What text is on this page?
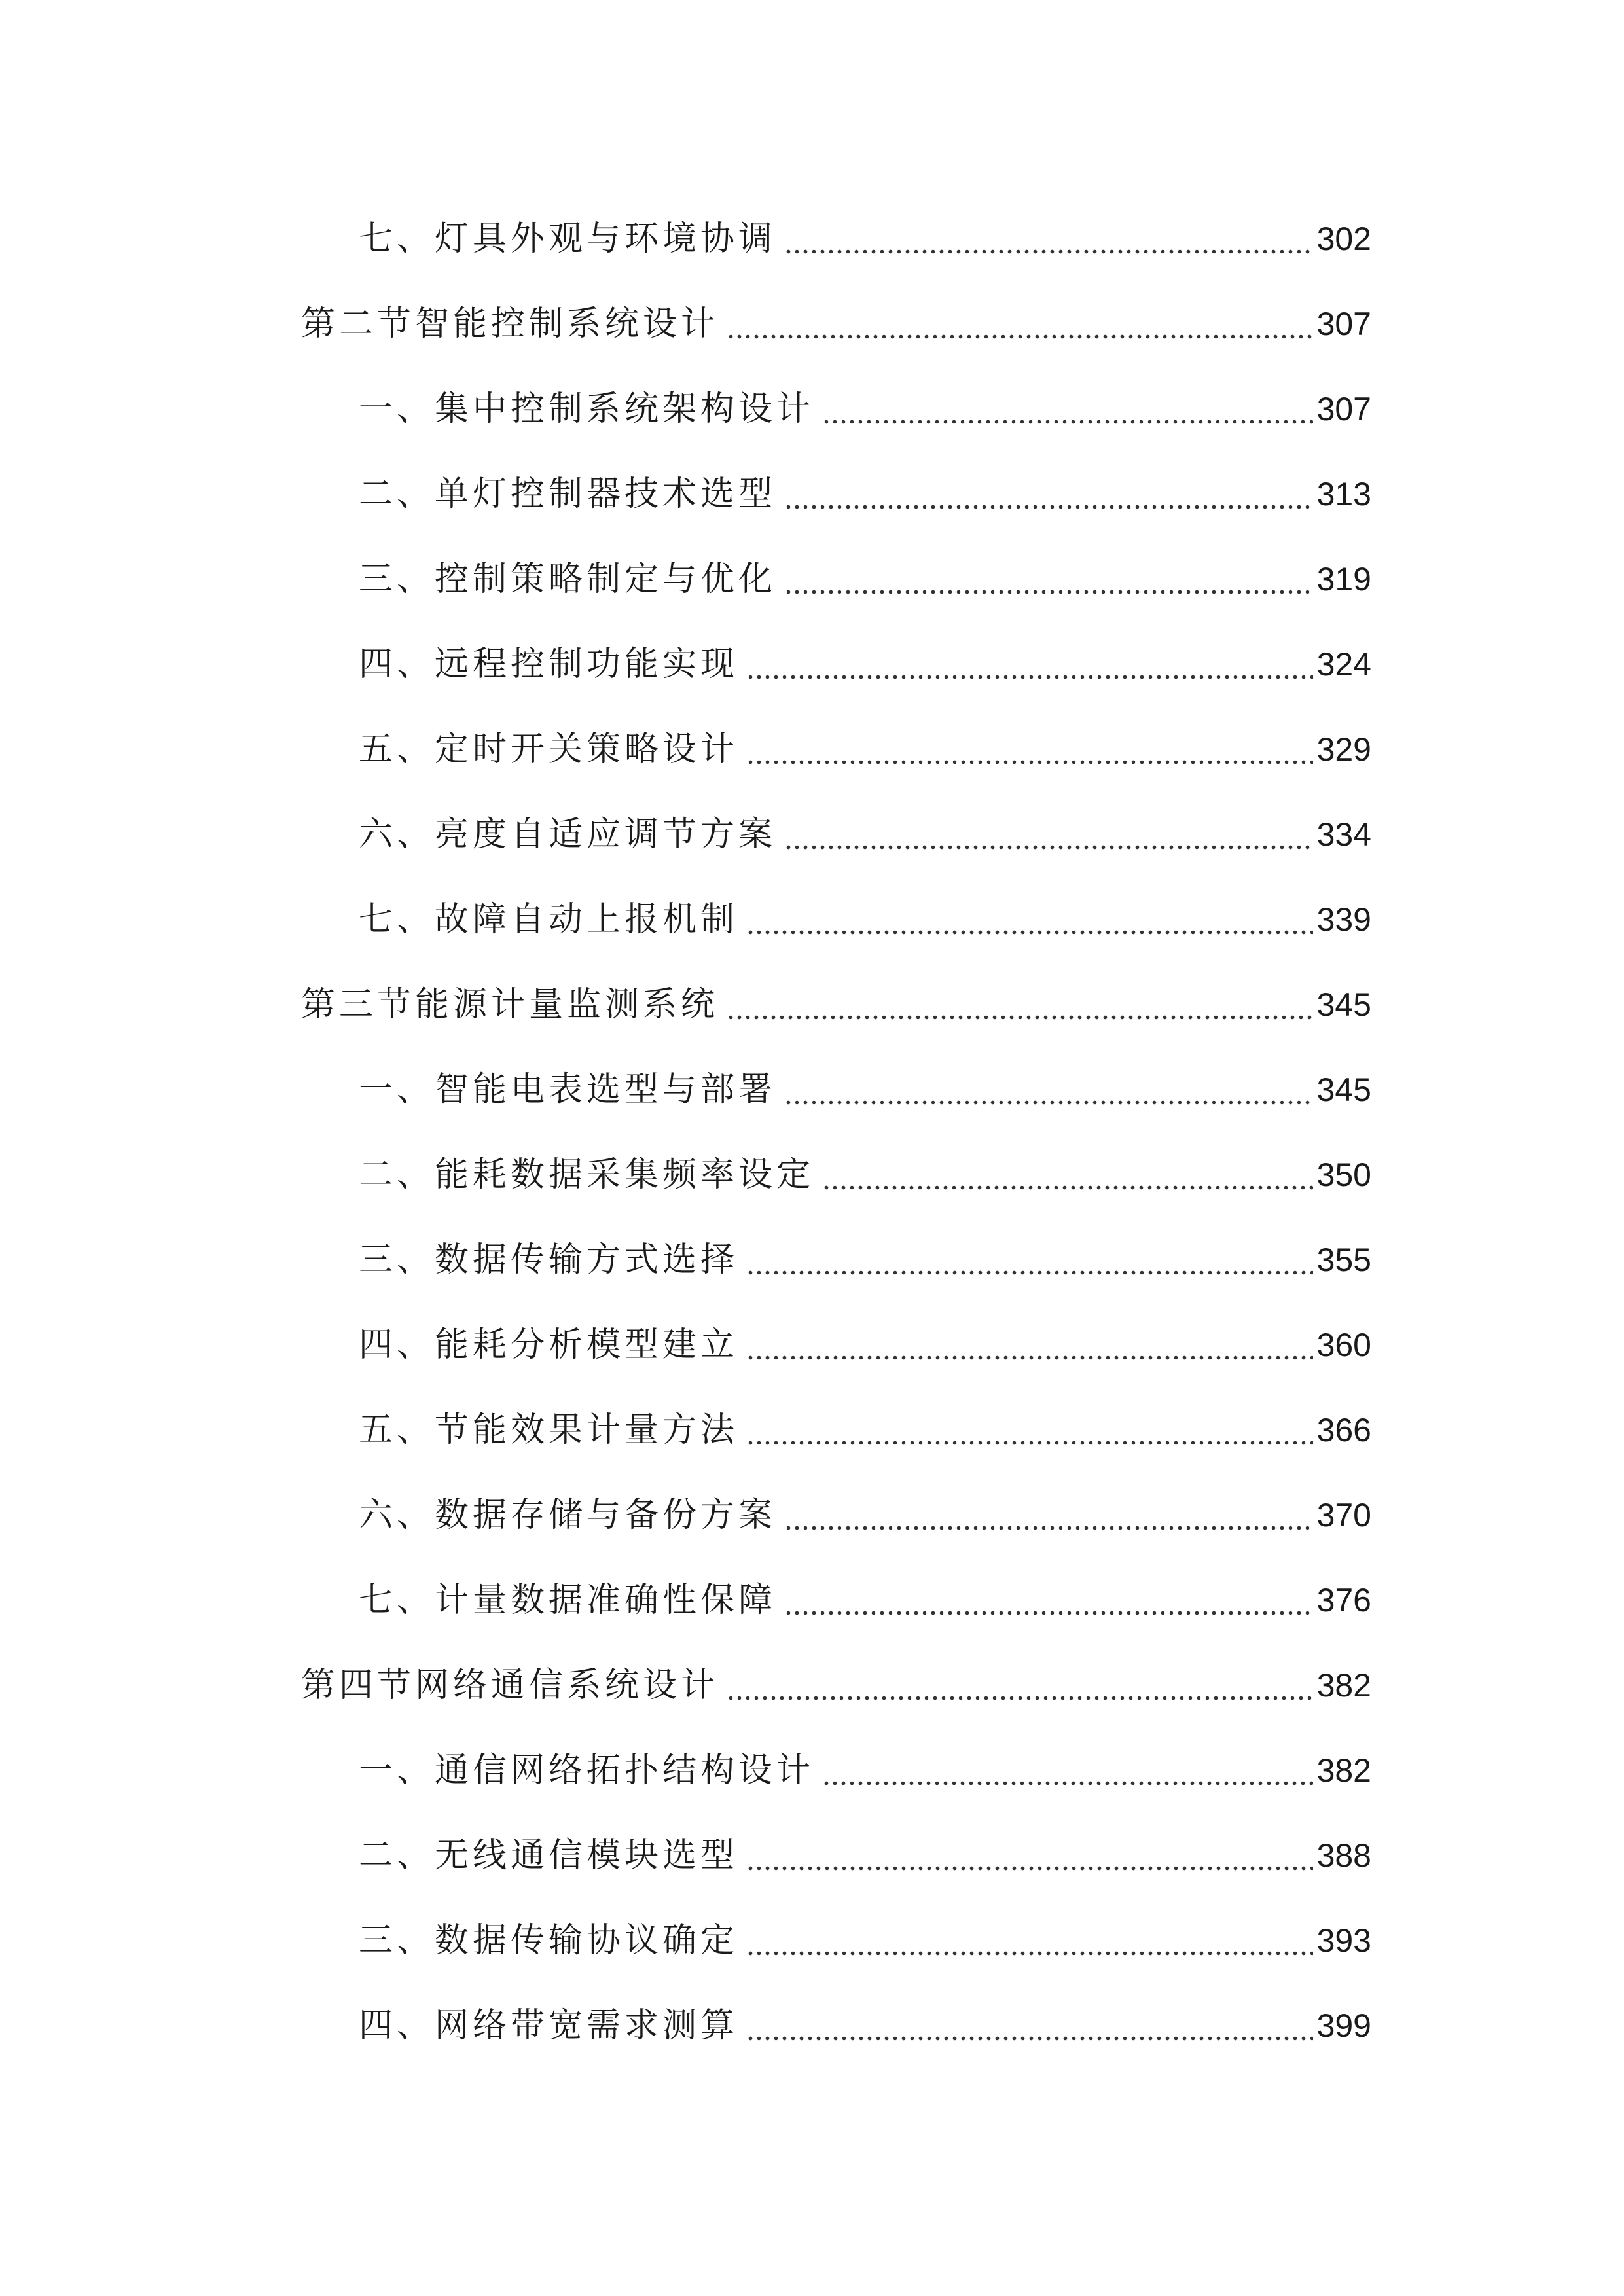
七、灯具外观与环境协调	302
第二节智能控制系统设计	307
一、集中控制系统架构设计	307
二、单灯控制器技术选型	313
三、控制策略制定与优化	319
四、远程控制功能实现	324
五、定时开关策略设计	329
六、亮度自适应调节方案	334
七、故障自动上报机制	339
第三节能源计量监测系统	345
一、智能电表选型与部署	345
二、能耗数据采集频率设定	350
三、数据传输方式选择	355
四、能耗分析模型建立	360
五、节能效果计量方法	366
六、数据存储与备份方案	370
七、计量数据准确性保障	376
第四节网络通信系统设计	382
一、通信网络拓扑结构设计	382
二、无线通信模块选型	388
三、数据传输协议确定	393
四、网络带宽需求测算	399
